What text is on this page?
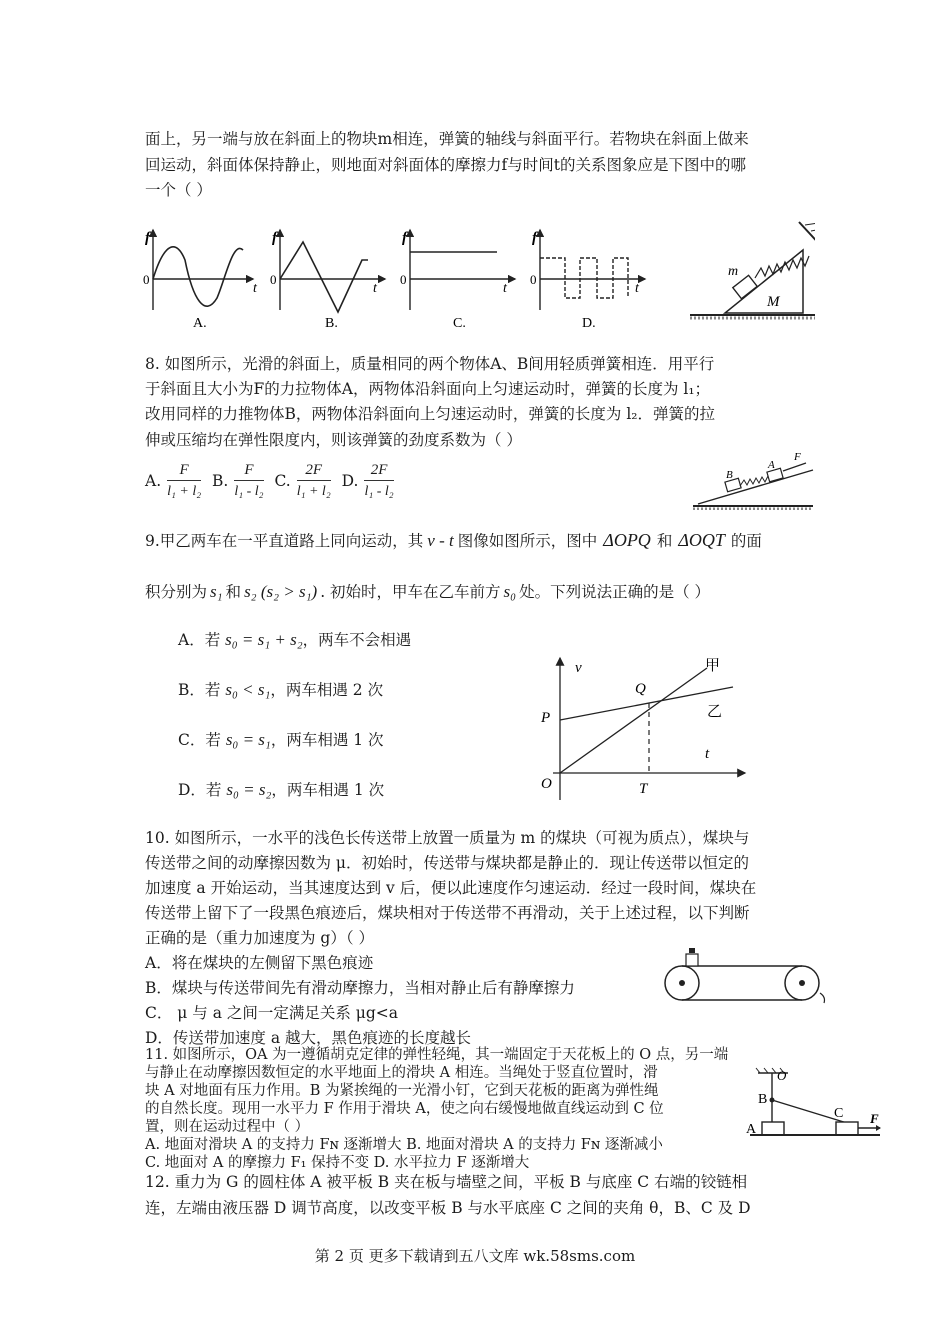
面上，另一端与放在斜面上的物块m相连，弹簧的轴线与斜面平行。若物块在斜面上做来
回运动，斜面体保持静止，则地面对斜面体的摩擦力f与时间t的关系图象应是下图中的哪
一个（ ）
f
0
t
A.
f
0
t
B.
f
0
t
C.
f
0
t
D.
m
M
8. 如图所示，光滑的斜面上，质量相同的两个物体A、B间用轻质弹簧相连．用平行
于斜面且大小为F的力拉物体A，两物体沿斜面向上匀速运动时，弹簧的长度为 l₁；
改用同样的力推物体B，两物体沿斜面向上匀速运动时，弹簧的长度为 l₂．弹簧的拉
伸或压缩均在弹性限度内，则该弹簧的劲度系数为（ ）
A. $\frac{F}{\text{l₁ + l₂}} B$. $\frac{F}{\text{l₁ - l₂}} C$. $\frac{2F}{\text{l₁ + l₂}} D$. $\frac{2F}{\text{l₁ - l₂}}$	B
A
F
9.甲乙两车在一平直道路上同向运动，其 v - t 图像如图所示，图中 ΔOPQ 和 ΔOQT 的面
积分别为 s₁ 和 s₂ (s₂ > s₁) . 初始时，甲车在乙车前方 s₀ 处。下列说法正确的是（ ）
A．若 s₀ = s₁ + s₂，两车不会相遇
B．若 s₀ < s₁，两车相遇 2 次
C．若 s₀ = s₁，两车相遇 1 次
D．若 s₀ = s₂，两车相遇 1 次
v
t
O
P
Q
T
甲
乙
10. 如图所示，一水平的浅色长传送带上放置一质量为 m 的煤块（可视为质点），煤块与
传送带之间的动摩擦因数为 μ．初始时，传送带与煤块都是静止的．现让传送带以恒定的
加速度 a 开始运动，当其速度达到 v 后，便以此速度作匀速运动．经过一段时间，煤块在
传送带上留下了一段黑色痕迹后，煤块相对于传送带不再滑动，关于上述过程，以下判断
正确的是（重力加速度为 g）（ ）
A．将在煤块的左侧留下黑色痕迹
B．煤块与传送带间先有滑动摩擦力，当相对静止后有静摩擦力
C． μ 与 a 之间一定满足关系 μg<a
D．传送带加速度 a 越大，黑色痕迹的长度越长
11. 如图所示，OA 为一遵循胡克定律的弹性轻绳，其一端固定于天花板上的 O 点，另一端
与静止在动摩擦因数恒定的水平地面上的滑块 A 相连。当绳处于竖直位置时，滑
块 A 对地面有压力作用。B 为紧挨绳的一光滑小钉，它到天花板的距离为弹性绳
的自然长度。现用一水平力 F 作用于滑块 A，使之向右缓慢地做直线运动到 C 位
置，则在运动过程中（ ）
A. 地面对滑块 A 的支持力 Fɴ 逐渐增大 B. 地面对滑块 A 的支持力 Fɴ 逐渐减小
C. 地面对 A 的摩擦力 F₁ 保持不变 D. 水平拉力 F 逐渐增大
O
B
A
C F
12. 重力为 G 的圆柱体 A 被平板 B 夹在板与墙壁之间，平板 B 与底座 C 右端的铰链相
连，左端由液压器 D 调节高度，以改变平板 B 与水平底座 C 之间的夹角 θ，B、C 及 D
第 2 页 更多下载请到五八文库 wk.58sms.com
